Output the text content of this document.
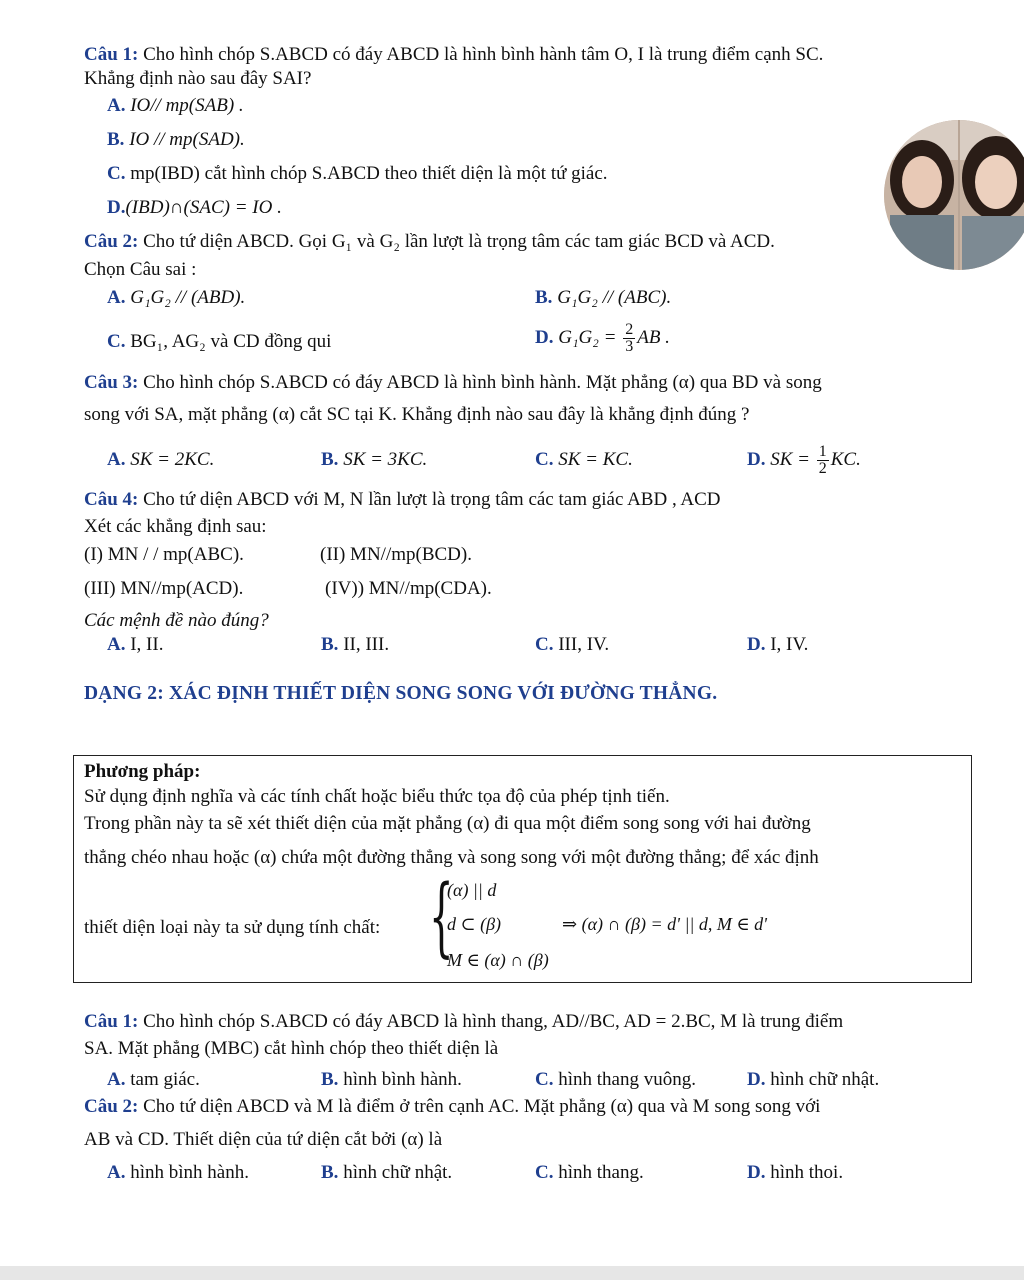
Câu 1: Cho hình chóp S.ABCD có đáy ABCD là hình bình hành tâm O, I là trung điểm cạnh SC.
Khẳng định nào sau đây SAI?
A. IO// mp(SAB) .
B. IO // mp(SAD).
C. mp(IBD) cắt hình chóp S.ABCD theo thiết diện là một tứ giác.
D.(IBD)∩(SAC) = IO .
Câu 2: Cho tứ diện ABCD. Gọi G₁ và G₂ lần lượt là trọng tâm các tam giác BCD và ACD.
Chọn Câu sai :
A. G₁G₂ // (ABD).	B. G₁G₂ // (ABC).
C. BG₁, AG₂ và CD đồng qui	D. $G_1G_2 = \frac{2}{3}$ AB .
Câu 3: Cho hình chóp S.ABCD có đáy ABCD là hình bình hành. Mặt phẳng (α) qua BD và song
song với SA, mặt phẳng (α) cắt SC tại K. Khẳng định nào sau đây là khẳng định đúng ?
A. SK = 2KC.	B. SK = 3KC.	C. SK = KC.	D. SK = $\frac{1}{2}$ KC.
Câu 4: Cho tứ diện ABCD với M, N lần lượt là trọng tâm các tam giác ABD , ACD
Xét các khẳng định sau:
(I) MN / / mp(ABC).	(II) MN//mp(BCD).
(III) MN//mp(ACD).	(IV)) MN//mp(CDA).
Các mệnh đề nào đúng?
A. I, II.	B. II, III.	C. III, IV.	D. I, IV.
DẠNG 2: XÁC ĐỊNH THIẾT DIỆN SONG SONG VỚI ĐƯỜNG THẲNG.
Phương pháp:
Sử dụng định nghĩa và các tính chất hoặc biểu thức tọa độ của phép tịnh tiến.
Trong phần này ta sẽ xét thiết diện của mặt phẳng (α) đi qua một điểm song song với hai đường
thẳng chéo nhau hoặc (α) chứa một đường thẳng và song song với một đường thẳng; để xác định
thiết diện loại này ta sử dụng tính chất: {
(α) || d
d ⊂ (β)
M ∈ (α) ∩ (β)
⇒ (α) ∩ (β) = d' || d, M ∈ d'
Câu 1: Cho hình chóp S.ABCD có đáy ABCD là hình thang, AD//BC, AD = 2.BC, M là trung điểm
SA. Mặt phẳng (MBC) cắt hình chóp theo thiết diện là
A. tam giác.	B. hình bình hành.	C. hình thang vuông.	D. hình chữ nhật.
Câu 2: Cho tứ diện ABCD và M là điểm ở trên cạnh AC. Mặt phẳng (α) qua và M song song với
AB và CD. Thiết diện của tứ diện cắt bởi (α) là
A. hình bình hành.	B. hình chữ nhật.	C. hình thang.	D. hình thoi.
